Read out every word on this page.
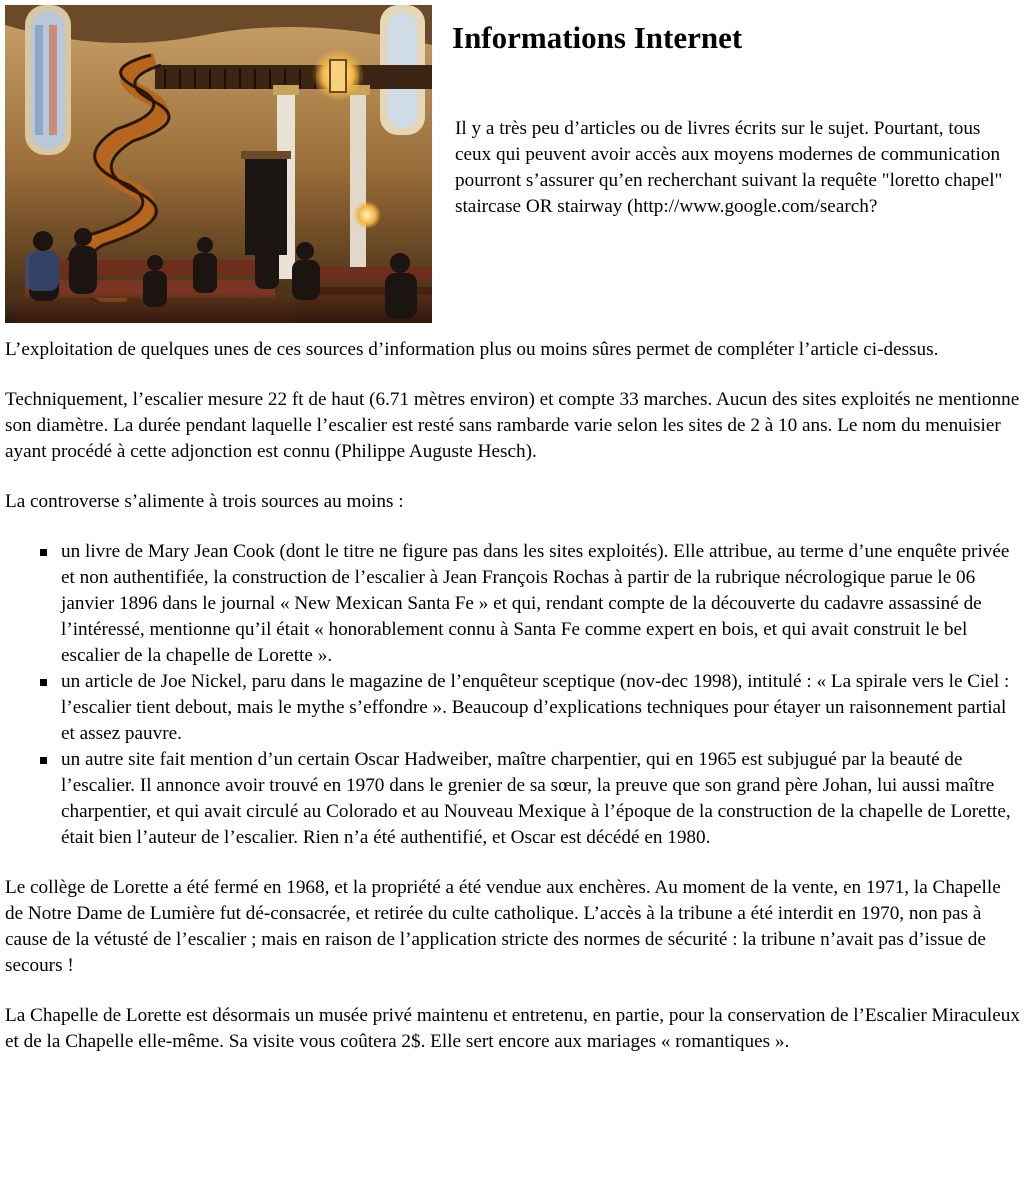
Informations Internet

Il y a très peu d’articles ou de livres écrits sur le sujet. Pourtant, tous ceux qui peuvent avoir accès aux moyens modernes de communication pourront s’assurer qu’en recherchant suivant la requête "loretto chapel" staircase OR stairway (http://www.google.com/search?

L’exploitation de quelques unes de ces sources d’information plus ou moins sûres permet de compléter l’article ci-dessus.

Techniquement, l’escalier mesure 22 ft de haut (6.71 mètres environ) et compte 33 marches. Aucun des sites exploités ne mentionne son diamètre. La durée pendant laquelle l’escalier est resté sans rambarde varie selon les sites de 2 à 10 ans. Le nom du menuisier ayant procédé à cette adjonction est connu (Philippe Auguste Hesch).

La controverse s’alimente à trois sources au moins :

un livre de Mary Jean Cook (dont le titre ne figure pas dans les sites exploités). Elle attribue, au terme d’une enquête privée et non authentifiée, la construction de l’escalier à Jean François Rochas à partir de la rubrique nécrologique parue le 06 janvier 1896 dans le journal « New Mexican Santa Fe » et qui, rendant compte de la découverte du cadavre assassiné de l’intéressé, mentionne qu’il était « honorablement connu à Santa Fe comme expert en bois, et qui avait construit le bel escalier de la chapelle de Lorette ».
un article de Joe Nickel, paru dans le magazine de l’enquêteur sceptique (nov-dec 1998), intitulé : « La spirale vers le Ciel : l’escalier tient debout, mais le mythe s’effondre ». Beaucoup d’explications techniques pour étayer un raisonnement partial et assez pauvre.
un autre site fait mention d’un certain Oscar Hadweiber, maître charpentier, qui en 1965 est subjugué par la beauté de l’escalier. Il annonce avoir trouvé en 1970 dans le grenier de sa sœur, la preuve que son grand père Johan, lui aussi maître charpentier, et qui avait circulé au Colorado et au Nouveau Mexique à l’époque de la construction de la chapelle de Lorette, était bien l’auteur de l’escalier. Rien n’a été authentifié, et Oscar est décédé en 1980.

Le collège de Lorette a été fermé en 1968, et la propriété a été vendue aux enchères. Au moment de la vente, en 1971, la Chapelle de Notre Dame de Lumière fut dé-consacrée, et retirée du culte catholique. L’accès à la tribune a été interdit en 1970, non pas à cause de la vétusté de l’escalier ; mais en raison de l’application stricte des normes de sécurité : la tribune n’avait pas d’issue de secours !

La Chapelle de Lorette est désormais un musée privé maintenu et entretenu, en partie, pour la conservation de l’Escalier Miraculeux et de la Chapelle elle-même. Sa visite vous coûtera 2$. Elle sert encore aux mariages « romantiques ».
